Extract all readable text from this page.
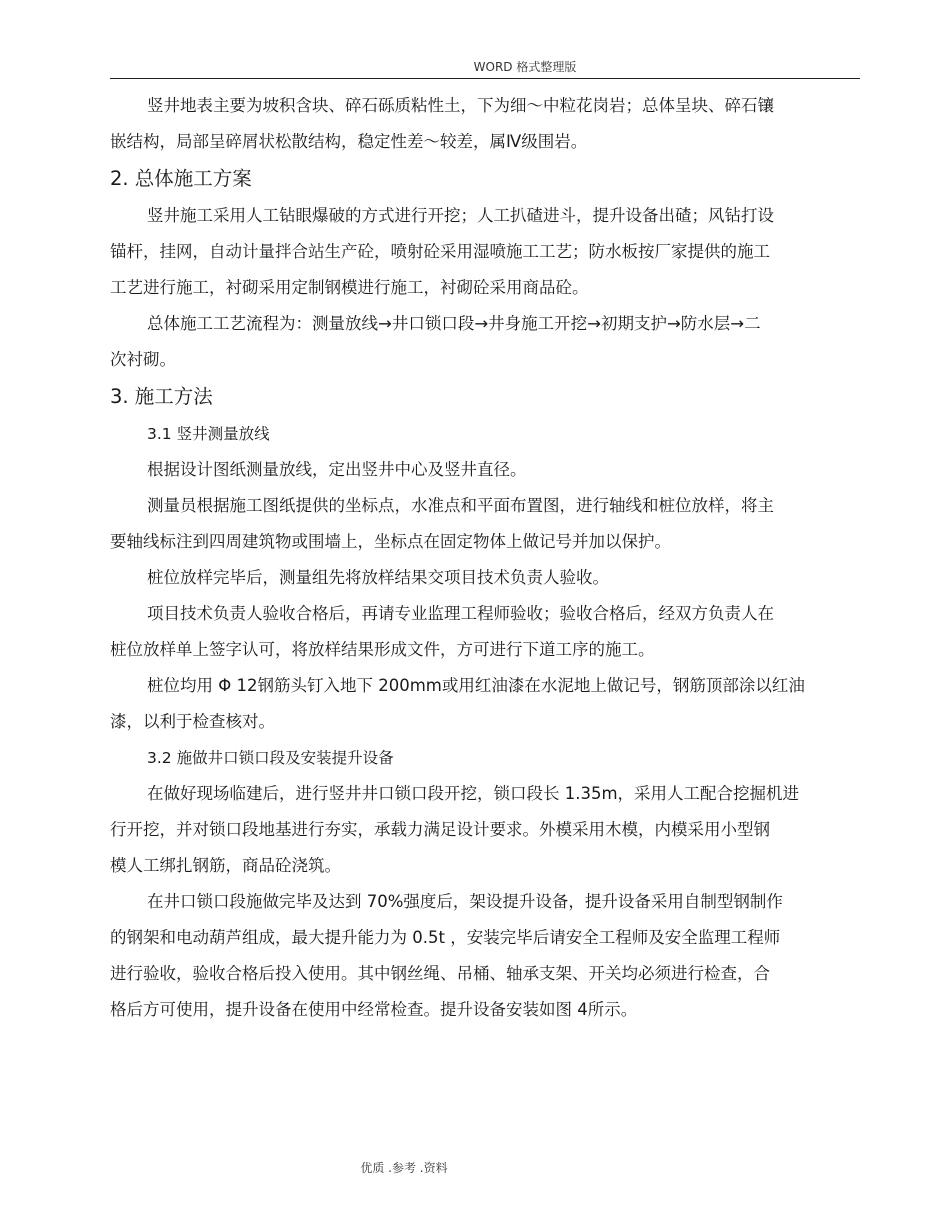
WORD 格式整理版
竖井地表主要为坡积含块、碎石砾质粘性土，下为细～中粒花岗岩；总体呈块、碎石镶
嵌结构，局部呈碎屑状松散结构，稳定性差～较差，属Ⅳ级围岩。
2. 总体施工方案
竖井施工采用人工钻眼爆破的方式进行开挖；人工扒碴进斗，提升设备出碴；风钻打设
锚杆，挂网，自动计量拌合站生产砼，喷射砼采用湿喷施工工艺；防水板按厂家提供的施工
工艺进行施工，衬砌采用定制钢模进行施工，衬砌砼采用商品砼。
总体施工工艺流程为：测量放线→井口锁口段→井身施工开挖→初期支护→防水层→二
次衬砌。
3. 施工方法
3.1 竖井测量放线
根据设计图纸测量放线，定出竖井中心及竖井直径。
测量员根据施工图纸提供的坐标点，水准点和平面布置图，进行轴线和桩位放样，将主
要轴线标注到四周建筑物或围墙上，坐标点在固定物体上做记号并加以保护。
桩位放样完毕后，测量组先将放样结果交项目技术负责人验收。
项目技术负责人验收合格后，再请专业监理工程师验收；验收合格后，经双方负责人在
桩位放样单上签字认可，将放样结果形成文件，方可进行下道工序的施工。
桩位均用 Φ 12钢筋头钉入地下 200mm或用红油漆在水泥地上做记号，钢筋顶部涂以红油
漆，以利于检查核对。
3.2 施做井口锁口段及安装提升设备
在做好现场临建后，进行竖井井口锁口段开挖，锁口段长 1.35m，采用人工配合挖掘机进
行开挖，并对锁口段地基进行夯实，承载力满足设计要求。外模采用木模，内模采用小型钢
模人工绑扎钢筋，商品砼浇筑。
在井口锁口段施做完毕及达到 70%强度后，架设提升设备，提升设备采用自制型钢制作
的钢架和电动葫芦组成，最大提升能力为 0.5t ，安装完毕后请安全工程师及安全监理工程师
进行验收，验收合格后投入使用。其中钢丝绳、吊桶、轴承支架、开关均必须进行检查，合
格后方可使用，提升设备在使用中经常检查。提升设备安装如图 4所示。
优质 .参考 .资料
